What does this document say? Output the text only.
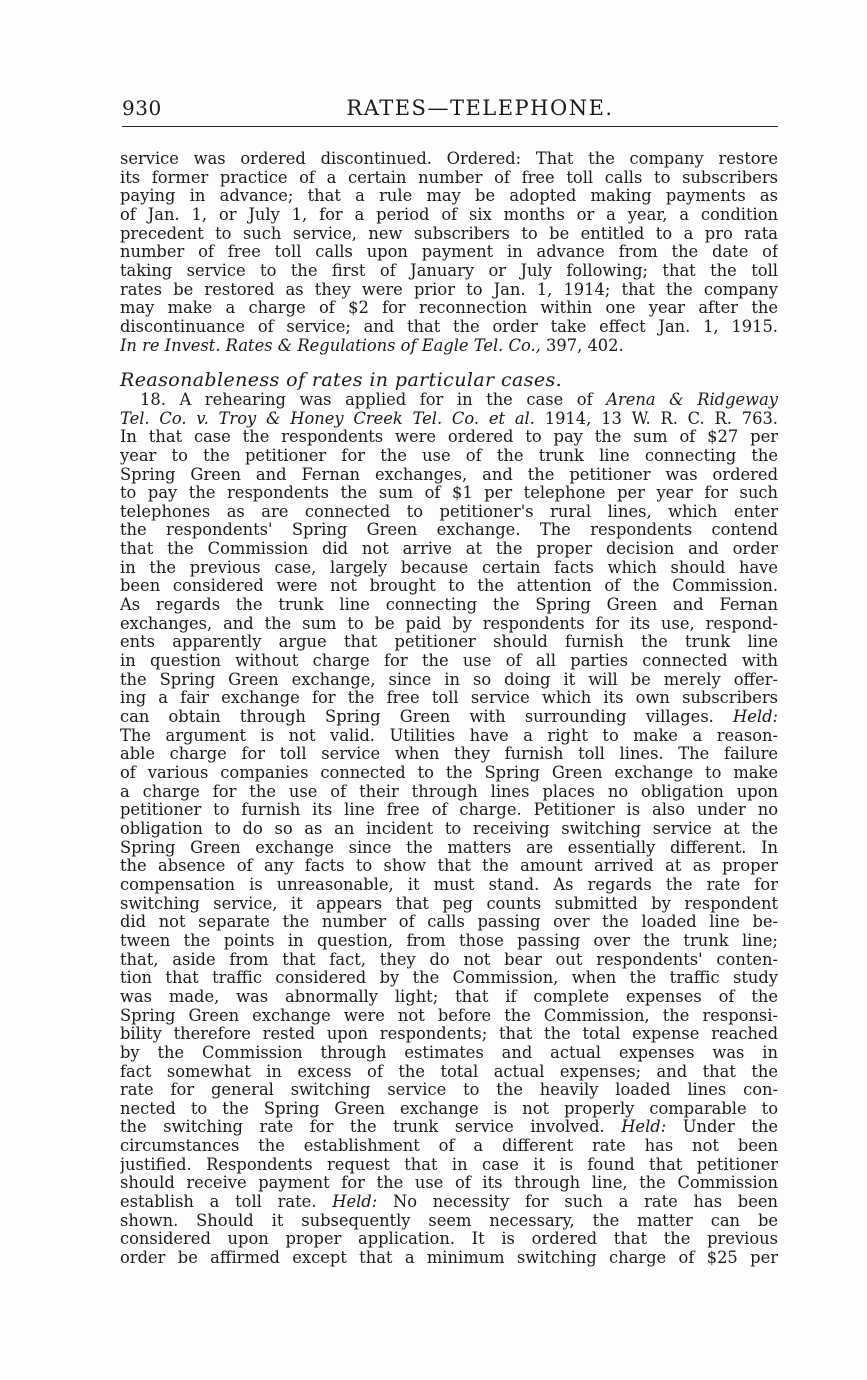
930	RATES—TELEPHONE.
service was ordered discontinued. Ordered: That the company restore
its former practice of a certain number of free toll calls to subscribers
paying in advance; that a rule may be adopted making payments as
of Jan. 1, or July 1, for a period of six months or a year, a condition
precedent to such service, new subscribers to be entitled to a pro rata
number of free toll calls upon payment in advance from the date of
taking service to the first of January or July following; that the toll
rates be restored as they were prior to Jan. 1, 1914; that the company
may make a charge of $2 for reconnection within one year after the
discontinuance of service; and that the order take effect Jan. 1, 1915.
In re Invest. Rates & Regulations of Eagle Tel. Co., 397, 402.
Reasonableness of rates in particular cases.
18. A rehearing was applied for in the case of Arena & Ridgeway
Tel. Co. v. Troy & Honey Creek Tel. Co. et al. 1914, 13 W. R. C. R. 763.
In that case the respondents were ordered to pay the sum of $27 per
year to the petitioner for the use of the trunk line connecting the
Spring Green and Fernan exchanges, and the petitioner was ordered
to pay the respondents the sum of $1 per telephone per year for such
telephones as are connected to petitioner's rural lines, which enter
the respondents' Spring Green exchange. The respondents contend
that the Commission did not arrive at the proper decision and order
in the previous case, largely because certain facts which should have
been considered were not brought to the attention of the Commission.
As regards the trunk line connecting the Spring Green and Fernan
exchanges, and the sum to be paid by respondents for its use, respond-
ents apparently argue that petitioner should furnish the trunk line
in question without charge for the use of all parties connected with
the Spring Green exchange, since in so doing it will be merely offer-
ing a fair exchange for the free toll service which its own subscribers
can obtain through Spring Green with surrounding villages. Held:
The argument is not valid. Utilities have a right to make a reason-
able charge for toll service when they furnish toll lines. The failure
of various companies connected to the Spring Green exchange to make
a charge for the use of their through lines places no obligation upon
petitioner to furnish its line free of charge. Petitioner is also under no
obligation to do so as an incident to receiving switching service at the
Spring Green exchange since the matters are essentially different. In
the absence of any facts to show that the amount arrived at as proper
compensation is unreasonable, it must stand. As regards the rate for
switching service, it appears that peg counts submitted by respondent
did not separate the number of calls passing over the loaded line be-
tween the points in question, from those passing over the trunk line;
that, aside from that fact, they do not bear out respondents' conten-
tion that traffic considered by the Commission, when the traffic study
was made, was abnormally light; that if complete expenses of the
Spring Green exchange were not before the Commission, the responsi-
bility therefore rested upon respondents; that the total expense reached
by the Commission through estimates and actual expenses was in
fact somewhat in excess of the total actual expenses; and that the
rate for general switching service to the heavily loaded lines con-
nected to the Spring Green exchange is not properly comparable to
the switching rate for the trunk service involved. Held: Under the
circumstances the establishment of a different rate has not been
justified. Respondents request that in case it is found that petitioner
should receive payment for the use of its through line, the Commission
establish a toll rate. Held: No necessity for such a rate has been
shown. Should it subsequently seem necessary, the matter can be
considered upon proper application. It is ordered that the previous
order be affirmed except that a minimum switching charge of $25 per
